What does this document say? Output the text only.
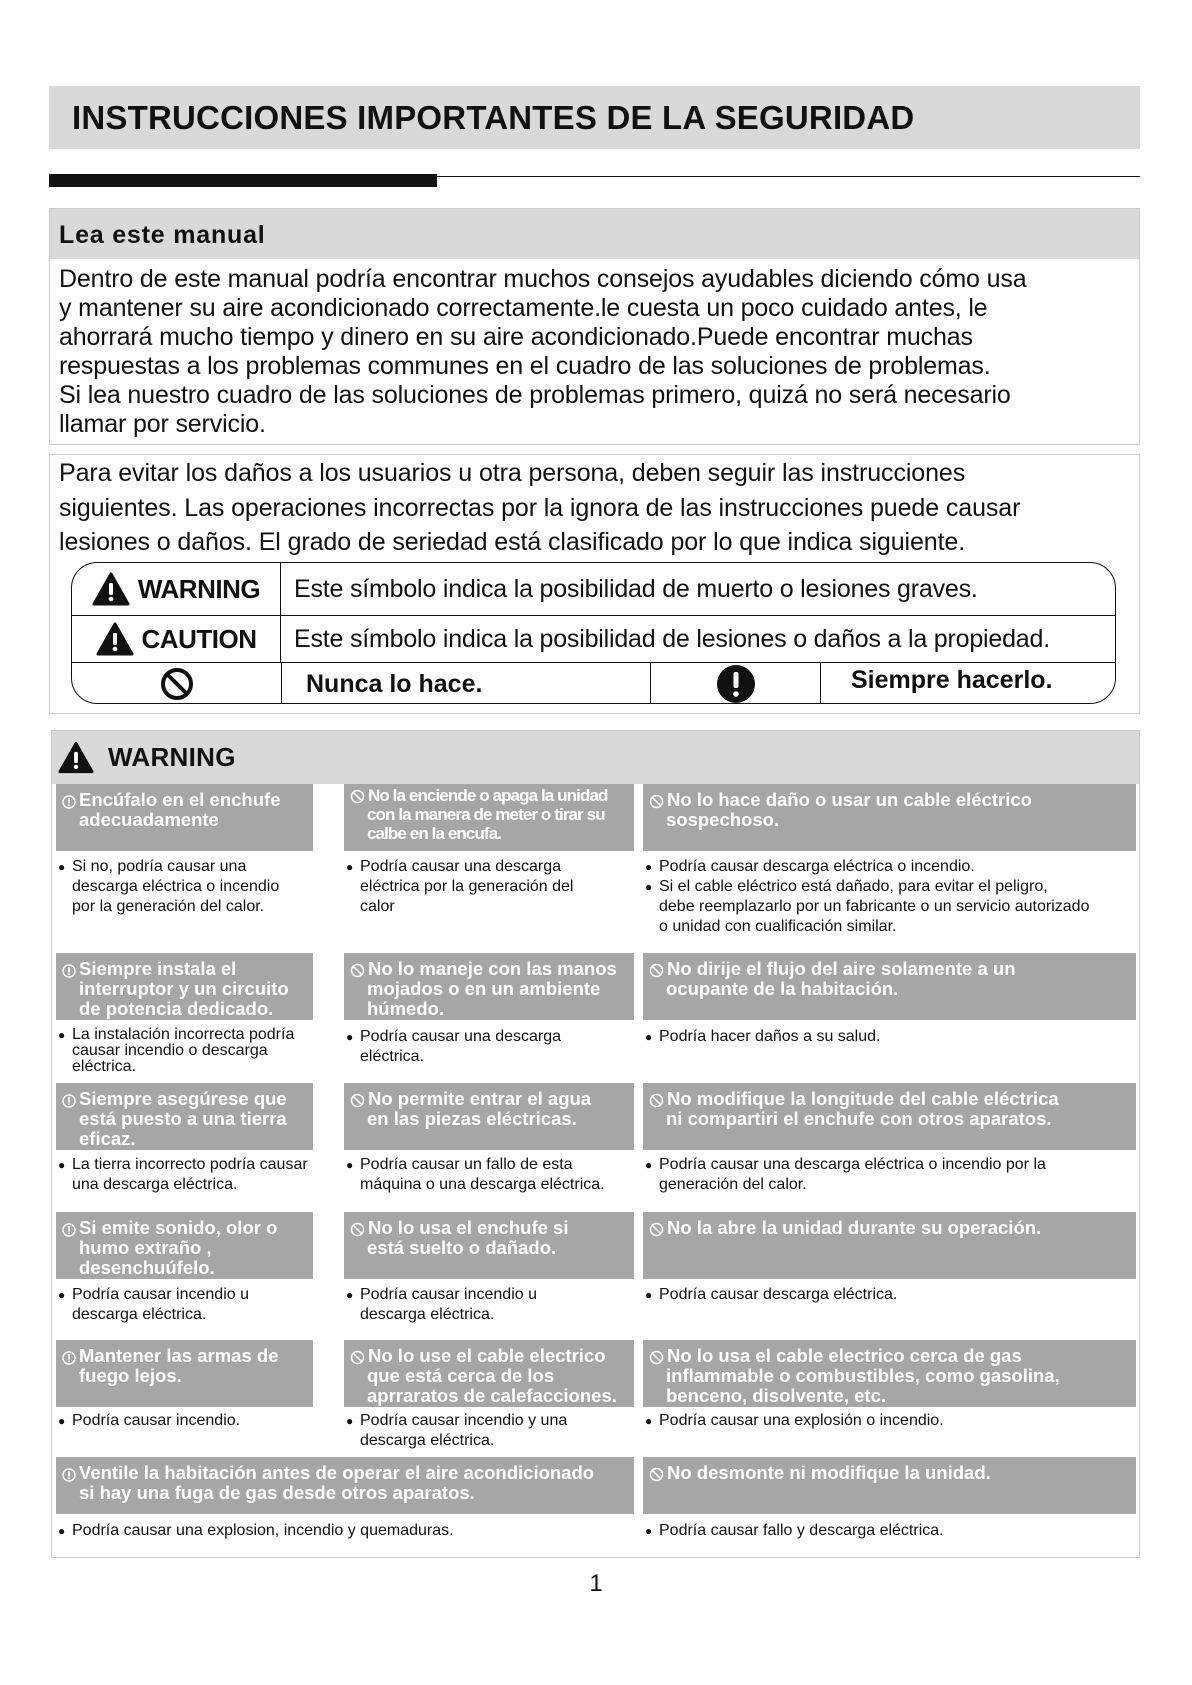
INSTRUCCIONES IMPORTANTES DE LA SEGURIDAD
Lea este manual
Dentro de este manual podría encontrar muchos consejos ayudables diciendo cómo usa
y mantener su aire acondicionado correctamente.le cuesta un poco cuidado antes, le
ahorrará mucho tiempo y dinero en su aire acondicionado.Puede encontrar muchas
respuestas a los problemas communes en el cuadro de las soluciones de problemas.
Si lea nuestro cuadro de las soluciones de problemas primero, quizá no será necesario
llamar por servicio.
Para evitar los daños a los usuarios u otra persona, deben seguir las instrucciones
siguientes. Las operaciones incorrectas por la ignora de las instrucciones puede causar
lesiones o daños. El grado de seriedad está clasificado por lo que indica siguiente.
WARNING Este símbolo indica la posibilidad de muerto o lesiones graves.
CAUTION Este símbolo indica la posibilidad de lesiones o daños a la propiedad.
Nunca lo hace.	Siempre hacerlo.
WARNING
Encúfalo en el enchufe
adecuadamente
● Si no, podría causar una
descarga eléctrica o incendio
por la generación del calor.
No la enciende o apaga la unidad
con la manera de meter o tirar su
calbe en la encufa.
● Podría causar una descarga
eléctrica por la generación del
calor
No lo hace daño o usar un cable eléctrico
sospechoso.
● Podría causar descarga eléctrica o incendio.
● Si el cable eléctrico está dañado, para evitar el peligro,
debe reemplazarlo por un fabricante o un servicio autorizado
o unidad con cualificación similar.
Siempre instala el
interruptor y un circuito
de potencia dedicado.
● La instalación incorrecta podría
causar incendio o descarga
eléctrica.
No lo maneje con las manos
mojados o en un ambiente
húmedo.
● Podría causar una descarga
eléctrica.
No dirije el flujo del aire solamente a un
ocupante de la habitación.
● Podría hacer daños a su salud.
Siempre asegúrese que
está puesto a una tierra
eficaz.
● La tierra incorrecto podría causar
una descarga eléctrica.
No permite entrar el agua
en las piezas eléctricas.
● Podría causar un fallo de esta
máquina o una descarga eléctrica.
No modifique la longitude del cable eléctrica
ni compartiri el enchufe con otros aparatos.
● Podría causar una descarga eléctrica o incendio por la
generación del calor.
Si emite sonido, olor o
humo extraño ,
desenchuúfelo.
● Podría causar incendio u
descarga eléctrica.
No lo usa el enchufe si
está suelto o dañado.
● Podría causar incendio u
descarga eléctrica.
No la abre la unidad durante su operación.
● Podría causar descarga eléctrica.
Mantener las armas de
fuego lejos.
● Podría causar incendio.
No lo use el cable electrico
que está cerca de los
aprraratos de calefacciones.
● Podría causar incendio y una
descarga eléctrica.
No lo usa el cable electrico cerca de gas
inflammable o combustibles, como gasolina,
benceno, disolvente, etc.
● Podría causar una explosión o incendio.
Ventile la habitación antes de operar el aire acondicionado
si hay una fuga de gas desde otros aparatos.
● Podría causar una explosion, incendio y quemaduras.
No desmonte ni modifique la unidad.
● Podría causar fallo y descarga eléctrica.
1
